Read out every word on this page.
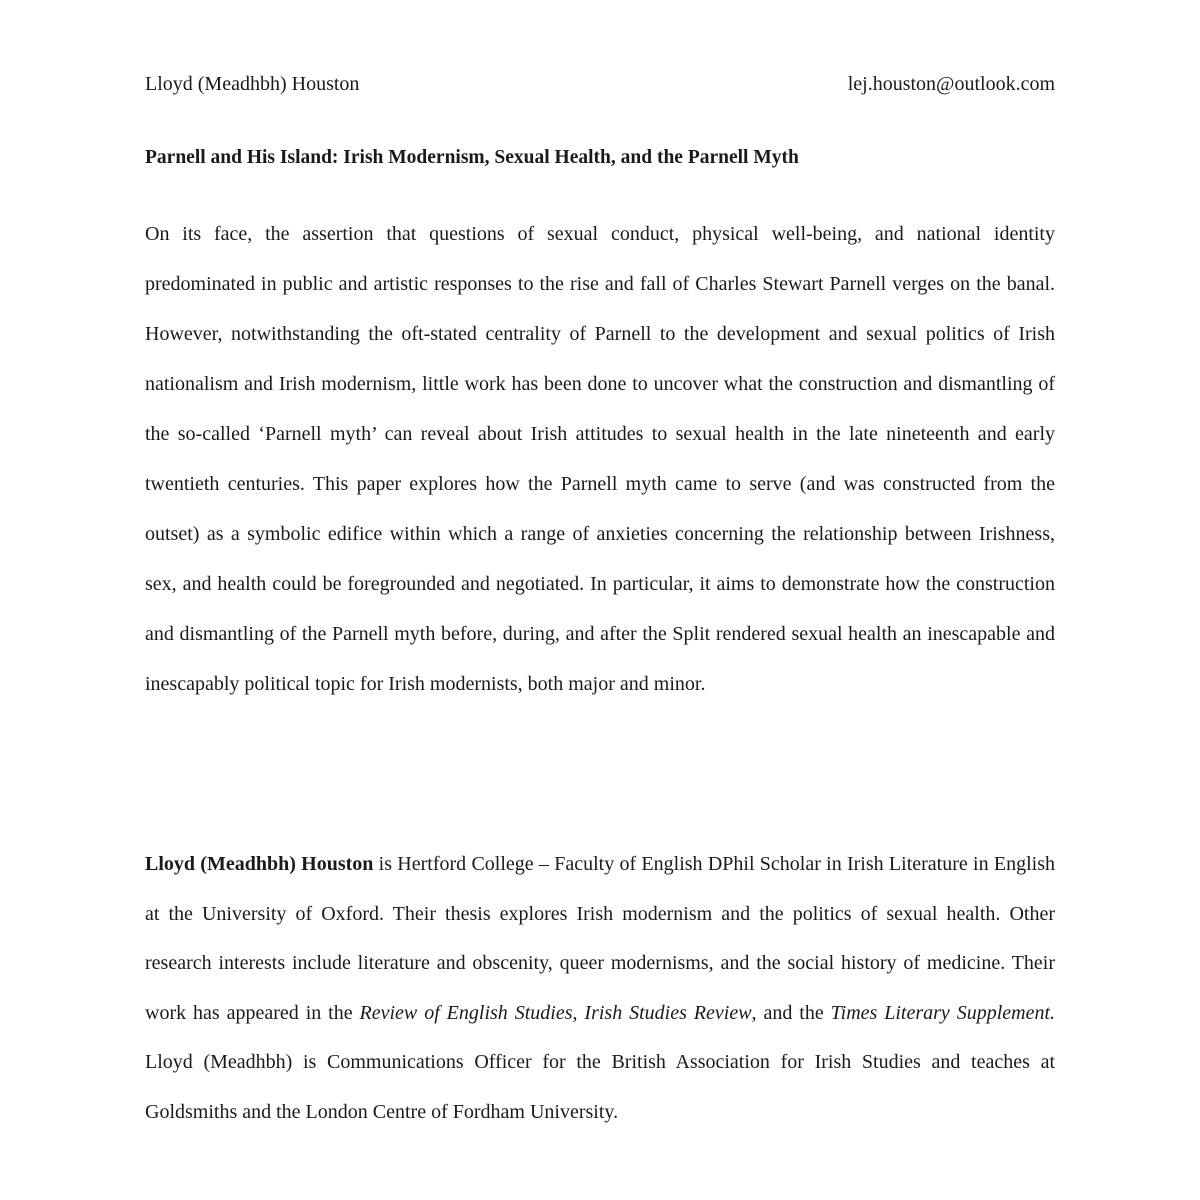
Lloyd (Meadhbh) Houston	lej.houston@outlook.com
Parnell and His Island: Irish Modernism, Sexual Health, and the Parnell Myth

On its face, the assertion that questions of sexual conduct, physical well-being, and national identity predominated in public and artistic responses to the rise and fall of Charles Stewart Parnell verges on the banal. However, notwithstanding the oft-stated centrality of Parnell to the development and sexual politics of Irish nationalism and Irish modernism, little work has been done to uncover what the construction and dismantling of the so-called ‘Parnell myth’ can reveal about Irish attitudes to sexual health in the late nineteenth and early twentieth centuries. This paper explores how the Parnell myth came to serve (and was constructed from the outset) as a symbolic edifice within which a range of anxieties concerning the relationship between Irishness, sex, and health could be foregrounded and negotiated. In particular, it aims to demonstrate how the construction and dismantling of the Parnell myth before, during, and after the Split rendered sexual health an inescapable and inescapably political topic for Irish modernists, both major and minor.

Lloyd (Meadhbh) Houston is Hertford College – Faculty of English DPhil Scholar in Irish Literature in English at the University of Oxford. Their thesis explores Irish modernism and the politics of sexual health. Other research interests include literature and obscenity, queer modernisms, and the social history of medicine. Their work has appeared in the Review of English Studies, Irish Studies Review, and the Times Literary Supplement. Lloyd (Meadhbh) is Communications Officer for the British Association for Irish Studies and teaches at Goldsmiths and the London Centre of Fordham University.
